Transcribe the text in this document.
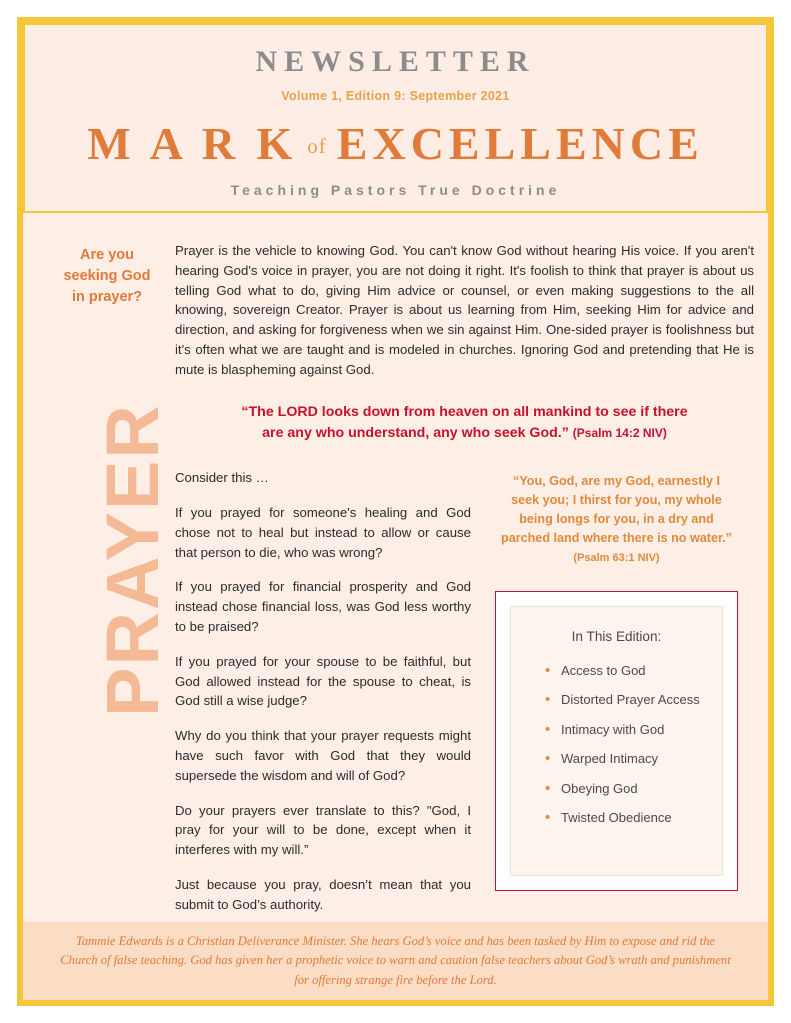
NEWSLETTER
Volume 1, Edition 9: September 2021
M A R K of EXCELLENCE
Teaching Pastors True Doctrine
Are you seeking God in prayer?
PRAYER
Prayer is the vehicle to knowing God. You can't know God without hearing His voice. If you aren't hearing God's voice in prayer, you are not doing it right. It's foolish to think that prayer is about us telling God what to do, giving Him advice or counsel, or even making suggestions to the all knowing, sovereign Creator. Prayer is about us learning from Him, seeking Him for advice and direction, and asking for forgiveness when we sin against Him. One-sided prayer is foolishness but it's often what we are taught and is modeled in churches. Ignoring God and pretending that He is mute is blaspheming against God.
“The LORD looks down from heaven on all mankind to see if there are any who understand, any who seek God.” (Psalm 14:2 NIV)

Consider this …

If you prayed for someone's healing and God chose not to heal but instead to allow or cause that person to die, who was wrong?

If you prayed for financial prosperity and God instead chose financial loss, was God less worthy to be praised?

If you prayed for your spouse to be faithful, but God allowed instead for the spouse to cheat, is God still a wise judge?

Why do you think that your prayer requests might have such favor with God that they would supersede the wisdom and will of God?

Do your prayers ever translate to this? "God, I pray for your will to be done, except when it interferes with my will.”

Just because you pray, doesn’t mean that you submit to God’s authority.

“You, God, are my God, earnestly I seek you; I thirst for you, my whole being longs for you, in a dry and parched land where there is no water.” (Psalm 63:1 NIV)
In This Edition:
• Access to God
• Distorted Prayer Access
• Intimacy with God
• Warped Intimacy
• Obeying God
• Twisted Obedience
Tammie Edwards is a Christian Deliverance Minister. She hears God’s voice and has been tasked by Him to expose and rid the Church of false teaching. God has given her a prophetic voice to warn and caution false teachers about God’s wrath and punishment for offering strange fire before the Lord.
